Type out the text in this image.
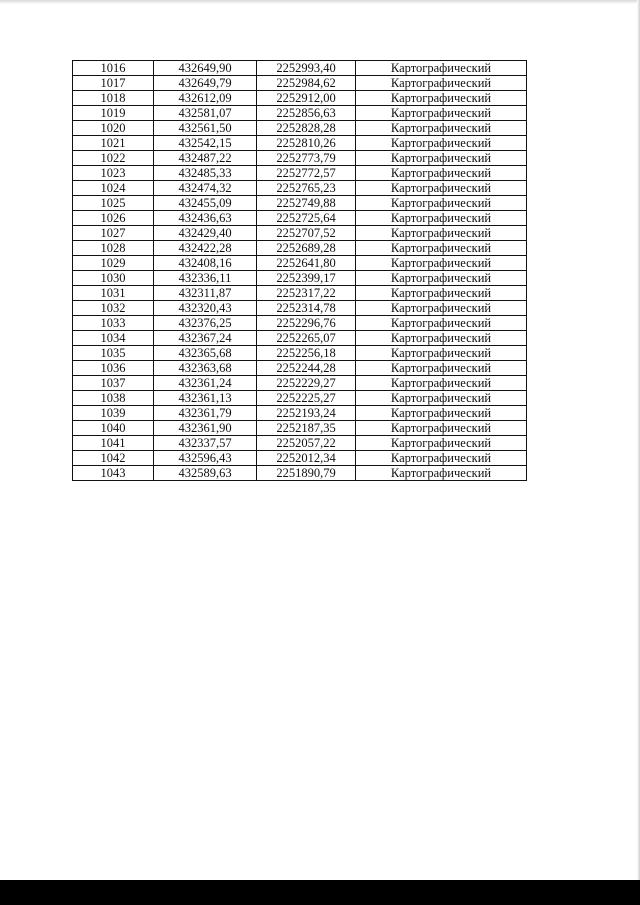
1016	432649,90	2252993,40	Картографический
1017	432649,79	2252984,62	Картографический
1018	432612,09	2252912,00	Картографический
1019	432581,07	2252856,63	Картографический
1020	432561,50	2252828,28	Картографический
1021	432542,15	2252810,26	Картографический
1022	432487,22	2252773,79	Картографический
1023	432485,33	2252772,57	Картографический
1024	432474,32	2252765,23	Картографический
1025	432455,09	2252749,88	Картографический
1026	432436,63	2252725,64	Картографический
1027	432429,40	2252707,52	Картографический
1028	432422,28	2252689,28	Картографический
1029	432408,16	2252641,80	Картографический
1030	432336,11	2252399,17	Картографический
1031	432311,87	2252317,22	Картографический
1032	432320,43	2252314,78	Картографический
1033	432376,25	2252296,76	Картографический
1034	432367,24	2252265,07	Картографический
1035	432365,68	2252256,18	Картографический
1036	432363,68	2252244,28	Картографический
1037	432361,24	2252229,27	Картографический
1038	432361,13	2252225,27	Картографический
1039	432361,79	2252193,24	Картографический
1040	432361,90	2252187,35	Картографический
1041	432337,57	2252057,22	Картографический
1042	432596,43	2252012,34	Картографический
1043	432589,63	2251890,79	Картографический
